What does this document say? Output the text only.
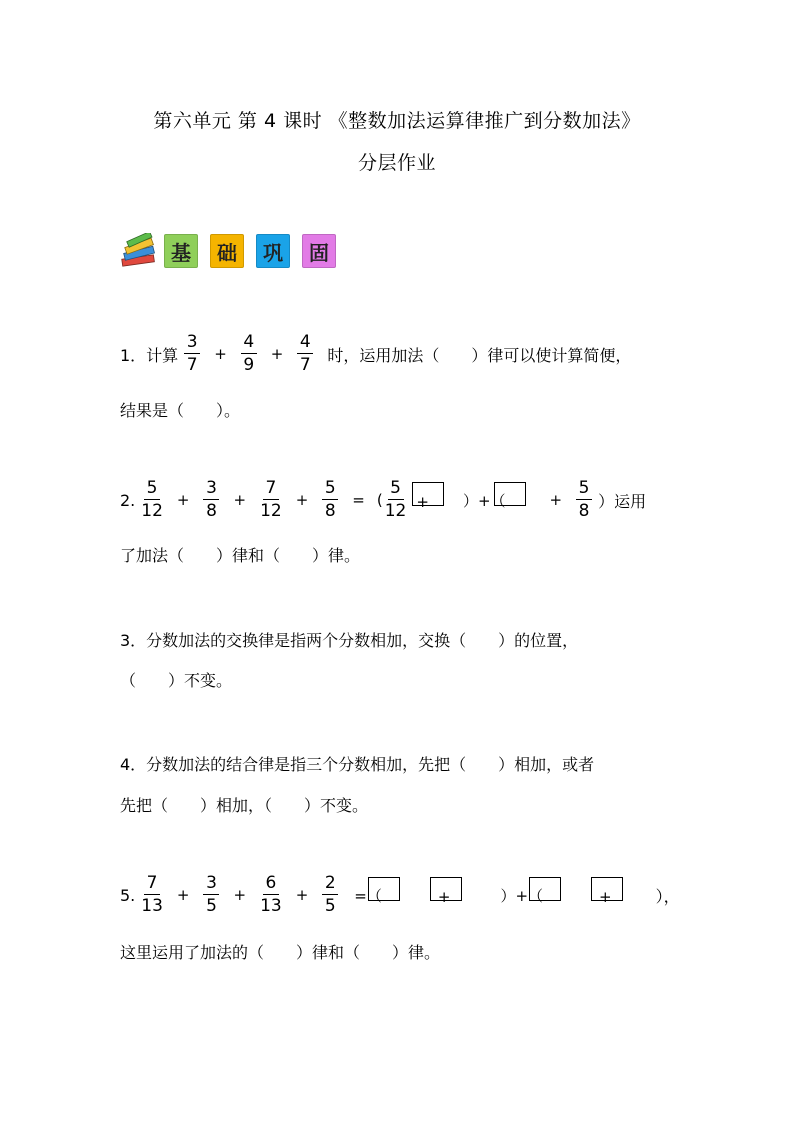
第六单元 第 4 课时 《整数加法运算律推广到分数加法》
分层作业
基	础	巩	固
1．计算 $\frac{3}{7} + \frac{4}{9} + \frac{4}{7}$ 时，运用加法（　　）律可以使计算简便，
结果是（　　）。
2. $\frac{5}{12} + \frac{3}{8} + \frac{7}{12} + \frac{5}{8}$ = ( $\frac{5}{12}$ + ）+（	+ $\frac{5}{8}$ ）运用
了加法（　　）律和（　　）律。
3．分数加法的交换律是指两个分数相加，交换（　　）的位置，
（　　）不变。
4．分数加法的结合律是指三个分数相加，先把（　　）相加，或者
先把（　　）相加，（　　）不变。
5. $\frac{7}{13} + \frac{3}{5} + \frac{6}{13} + \frac{2}{5}$ =（	+	）+（	+	），
这里运用了加法的（　　）律和（　　）律。
